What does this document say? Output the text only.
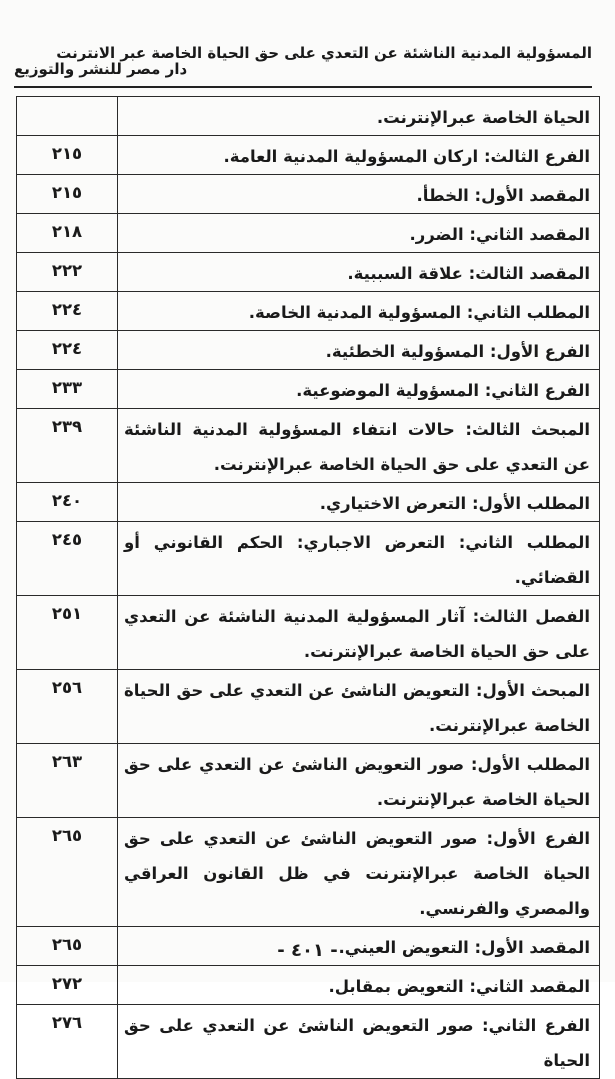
المسؤولية المدنية الناشئة عن التعدي على حق الحياة الخاصة عبر الانترنت
دار مصر للنشر والتوزيع
الحياة الخاصة عبرالإنترنت.	
الفرع الثالث: اركان المسؤولية المدنية العامة.	٢١٥
المقصد الأول: الخطأ.	٢١٥
المقصد الثاني: الضرر.	٢١٨
المقصد الثالث: علاقة السببية.	٢٢٢
المطلب الثاني: المسؤولية المدنية الخاصة.	٢٢٤
الفرع الأول: المسؤولية الخطئية.	٢٢٤
الفرع الثاني: المسؤولية الموضوعية.	٢٣٣
المبحث الثالث: حالات انتفاء المسؤولية المدنية الناشئة عن التعدي على حق الحياة الخاصة عبرالإنترنت.	٢٣٩
المطلب الأول: التعرض الاختياري.	٢٤٠
المطلب الثاني: التعرض الاجباري: الحكم القانوني أو القضائي.	٢٤٥
الفصل الثالث: آثار المسؤولية المدنية الناشئة عن التعدي على حق الحياة الخاصة عبرالإنترنت.	٢٥١
المبحث الأول: التعويض الناشئ عن التعدي على حق الحياة الخاصة عبرالإنترنت.	٢٥٦
المطلب الأول: صور التعويض الناشئ عن التعدي على حق الحياة الخاصة عبرالإنترنت.	٢٦٣
الفرع الأول: صور التعويض الناشئ عن التعدي على حق الحياة الخاصة عبرالإنترنت في ظل القانون العراقي والمصري والفرنسي.	٢٦٥
المقصد الأول: التعويض العيني.	٢٦٥
المقصد الثاني: التعويض بمقابل.	٢٧٢
الفرع الثاني: صور التعويض الناشئ عن التعدي على حق الحياة	٢٧٦
- ٤٠١ -
